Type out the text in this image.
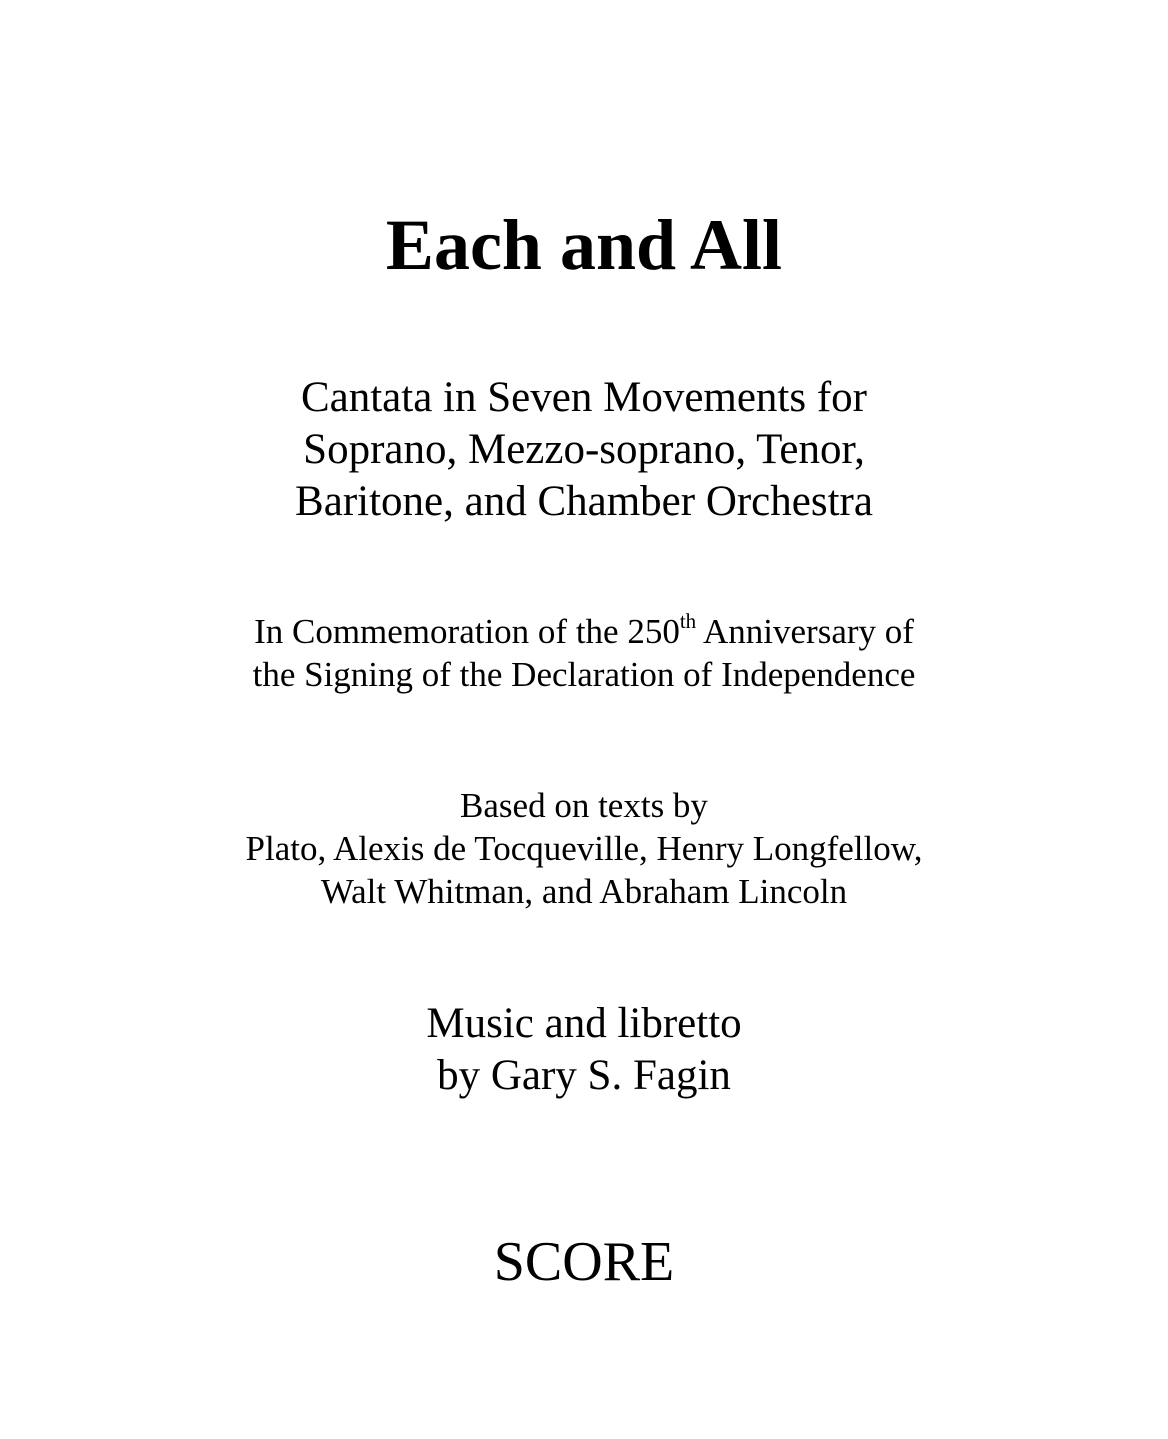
Each and All
Cantata in Seven Movements for
Soprano, Mezzo-soprano, Tenor,
Baritone, and Chamber Orchestra
In Commemoration of the 250th Anniversary of
the Signing of the Declaration of Independence
Based on texts by
Plato, Alexis de Tocqueville, Henry Longfellow,
Walt Whitman, and Abraham Lincoln
Music and libretto
by Gary S. Fagin
SCORE
